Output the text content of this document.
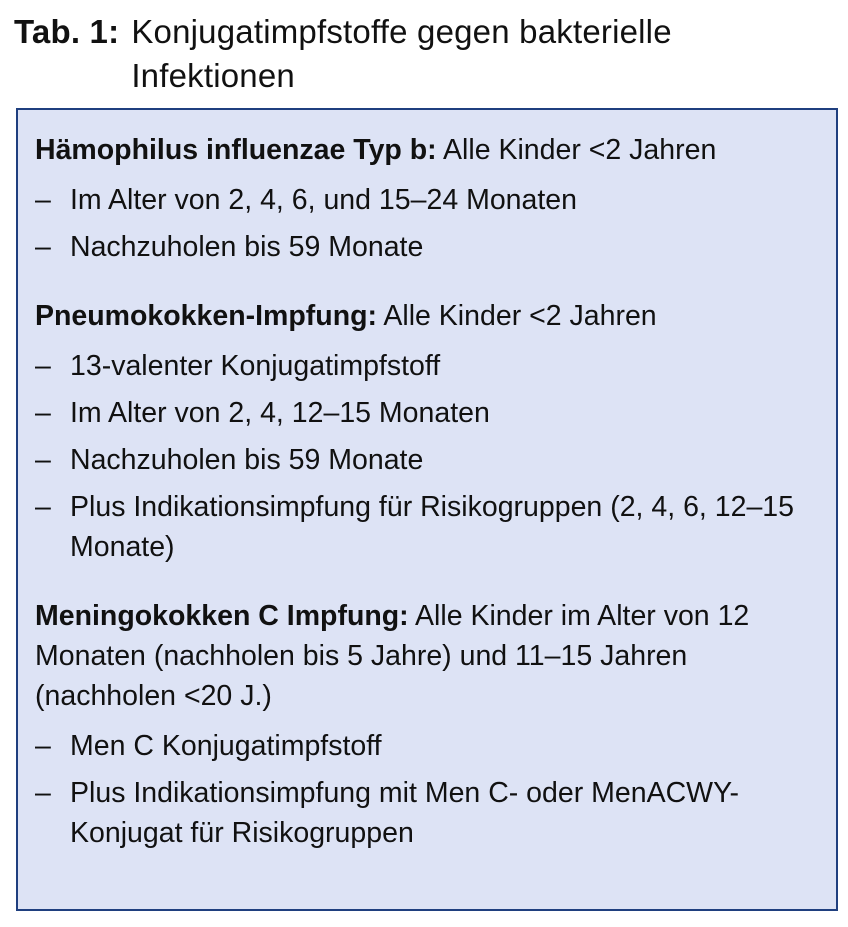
Tab. 1: Konjugatimpfstoffe gegen bakterielle Infektionen
Hämophilus influenzae Typ b: Alle Kinder <2 Jahren
– Im Alter von 2, 4, 6, und 15–24 Monaten
– Nachzuholen bis 59 Monate
Pneumokokken-Impfung: Alle Kinder <2 Jahren
– 13-valenter Konjugatimpfstoff
– Im Alter von 2, 4, 12–15 Monaten
– Nachzuholen bis 59 Monate
– Plus Indikationsimpfung für Risikogruppen (2, 4, 6, 12–15 Monate)
Meningokokken C Impfung: Alle Kinder im Alter von 12 Monaten (nachholen bis 5 Jahre) und 11–15 Jahren (nachholen <20 J.)
– Men C Konjugatimpfstoff
– Plus Indikationsimpfung mit Men C- oder MenACWY-Konjugat für Risikogruppen
